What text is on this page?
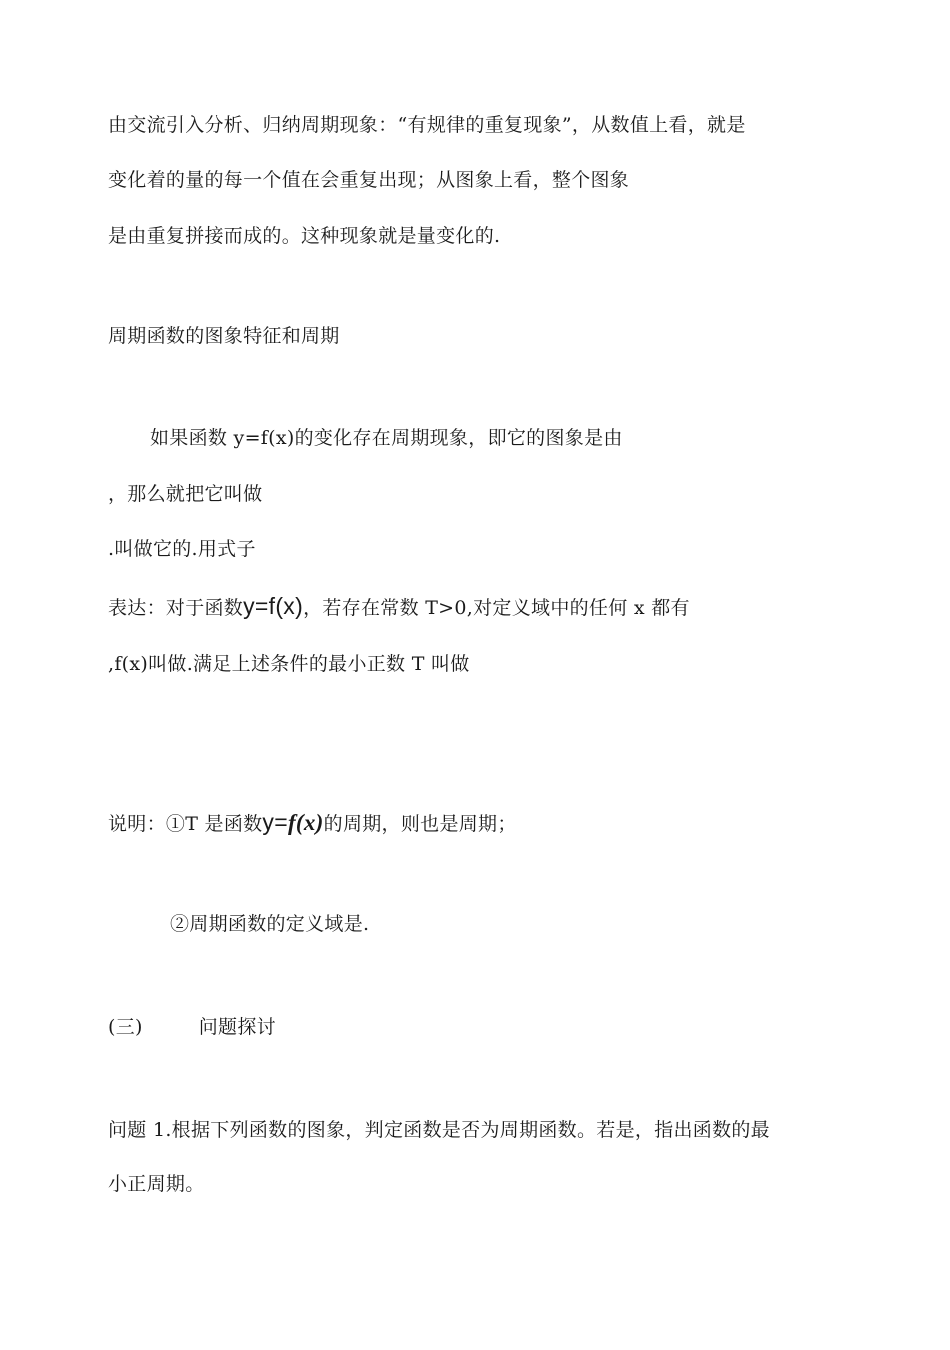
由交流引入分析、归纳周期现象：“有规律的重复现象”，从数值上看，就是
变化着的量的每一个值在会重复出现；从图象上看，整个图象
是由重复拼接而成的。这种现象就是量变化的.
周期函数的图象特征和周期
如果函数 y=f(x)的变化存在周期现象，即它的图象是由
，那么就把它叫做
.叫做它的.用式子
表达：对于函数y=f(x)，若存在常数 T>0,对定义域中的任何 x 都有
,f(x)叫做.满足上述条件的最小正数 T 叫做
说明：①T 是函数y=f(x)的周期，则也是周期；
②周期函数的定义域是.
(三)	问题探讨
问题 1.根据下列函数的图象，判定函数是否为周期函数。若是，指出函数的最
小正周期。
